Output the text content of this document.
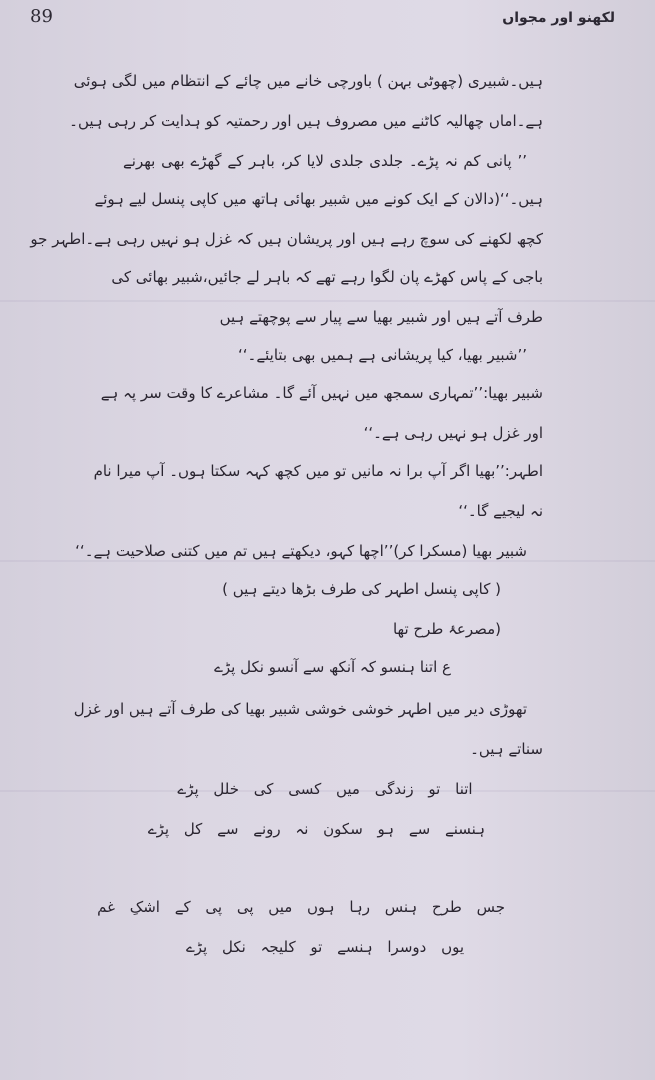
89	لکھنو اور مجواں
ہیں۔شبیری (چھوٹی بہن ) باورچی خانے میں چائے کے انتظام میں لگی ہوئی
ہے۔اماں چھالیہ کاٹنے میں مصروف ہیں اور رحمتیہ کو ہدایت کر رہی ہیں۔
’’ پانی کم نہ پڑے۔ جلدی جلدی لایا کر، باہر کے گھڑے بھی بھرنے
ہیں۔‘‘(دالان کے ایک کونے میں شبیر بھائی ہاتھ میں کاپی پنسل لیے ہوئے
کچھ لکھنے کی سوچ رہے ہیں اور پریشان ہیں کہ غزل ہو نہیں رہی ہے۔اطہر جو
باجی کے پاس کھڑے پان لگوا رہے تھے کہ باہر لے جائیں،شبیر بھائی کی
طرف آتے ہیں اور شبیر بھیا سے پیار سے پوچھتے ہیں
’’شبیر بھیا، کیا پریشانی ہے ہمیں بھی بتایئے۔‘‘
شبیر بھیا:’’تمہاری سمجھ میں نہیں آئے گا۔ مشاعرے کا وقت سر پہ ہے
اور غزل ہو نہیں رہی ہے۔‘‘
اطہر:’’بھیا اگر آپ برا نہ مانیں تو میں کچھ کہہ سکتا ہوں۔ آپ میرا نام
نہ لیجیے گا۔‘‘
شبیر بھیا (مسکرا کر)’’اچھا کہو، دیکھتے ہیں تم میں کتنی صلاحیت ہے۔‘‘
( کاپی پنسل اطہر کی طرف بڑھا دیتے ہیں )
(مصرعۂ طرح تھا
ع اتنا ہنسو کہ آنکھ سے آنسو نکل پڑے
تھوڑی دیر میں اطہر خوشی خوشی شبیر بھیا کی طرف آتے ہیں اور غزل
سناتے ہیں۔
اتنا تو زندگی میں کسی کی خلل پڑے
ہنسنے سے ہو سکون نہ رونے سے کل پڑے
جس طرح ہنس رہا ہوں میں پی پی کے اشکِ غم
یوں دوسرا ہنسے تو کلیجہ نکل پڑے
